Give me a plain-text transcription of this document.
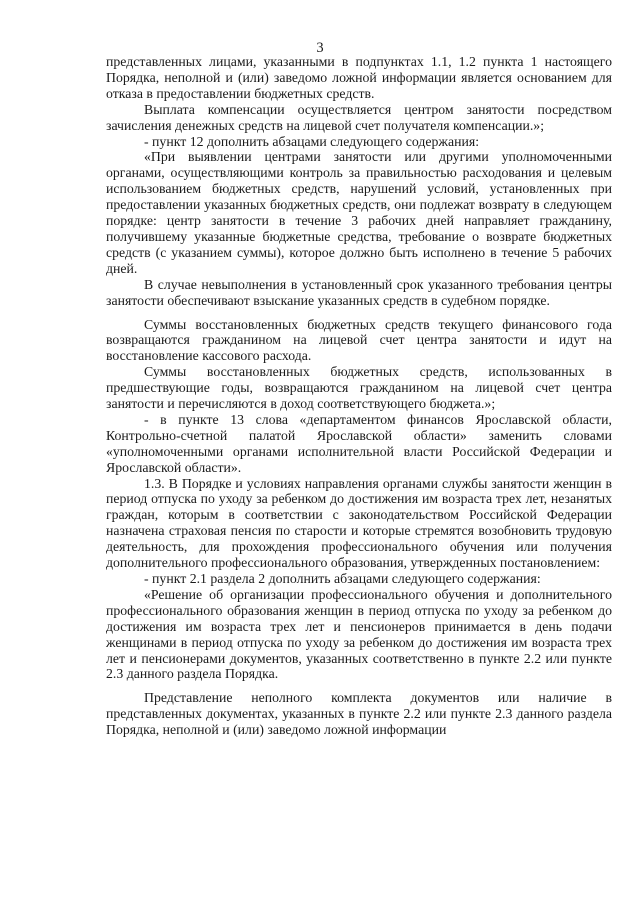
3

представленных лицами, указанными в подпунктах 1.1, 1.2 пункта 1 настоящего Порядка, неполной и (или) заведомо ложной информации является основанием для отказа в предоставлении бюджетных средств.

Выплата компенсации осуществляется центром занятости посредством зачисления денежных средств на лицевой счет получателя компенсации.»;

- пункт 12 дополнить абзацами следующего содержания:

«При выявлении центрами занятости или другими уполномоченными органами, осуществляющими контроль за правильностью расходования и целевым использованием бюджетных средств, нарушений условий, установленных при предоставлении указанных бюджетных средств, они подлежат возврату в следующем порядке: центр занятости в течение 3 рабочих дней направляет гражданину, получившему указанные бюджетные средства, требование о возврате бюджетных средств (с указанием суммы), которое должно быть исполнено в течение 5 рабочих дней.

В случае невыполнения в установленный срок указанного требования центры занятости обеспечивают взыскание указанных средств в судебном порядке.

Суммы восстановленных бюджетных средств текущего финансового года возвращаются гражданином на лицевой счет центра занятости и идут на восстановление кассового расхода.

Суммы восстановленных бюджетных средств, использованных в предшествующие годы, возвращаются гражданином на лицевой счет центра занятости и перечисляются в доход соответствующего бюджета.»;

- в пункте 13 слова «департаментом финансов Ярославской области, Контрольно-счетной палатой Ярославской области» заменить словами «уполномоченными органами исполнительной власти Российской Федерации и Ярославской области».

1.3. В Порядке и условиях направления органами службы занятости женщин в период отпуска по уходу за ребенком до достижения им возраста трех лет, незанятых граждан, которым в соответствии с законодательством Российской Федерации назначена страховая пенсия по старости и которые стремятся возобновить трудовую деятельность, для прохождения профессионального обучения или получения дополнительного профессионального образования, утвержденных постановлением:

- пункт 2.1 раздела 2 дополнить абзацами следующего содержания:

«Решение об организации профессионального обучения и дополнительного профессионального образования женщин в период отпуска по уходу за ребенком до достижения им возраста трех лет и пенсионеров принимается в день подачи женщинами в период отпуска по уходу за ребенком до достижения им возраста трех лет и пенсионерами документов, указанных соответственно в пункте 2.2 или пункте 2.3 данного раздела Порядка.

Представление неполного комплекта документов или наличие в представленных документах, указанных в пункте 2.2 или пункте 2.3 данного раздела Порядка, неполной и (или) заведомо ложной информации
